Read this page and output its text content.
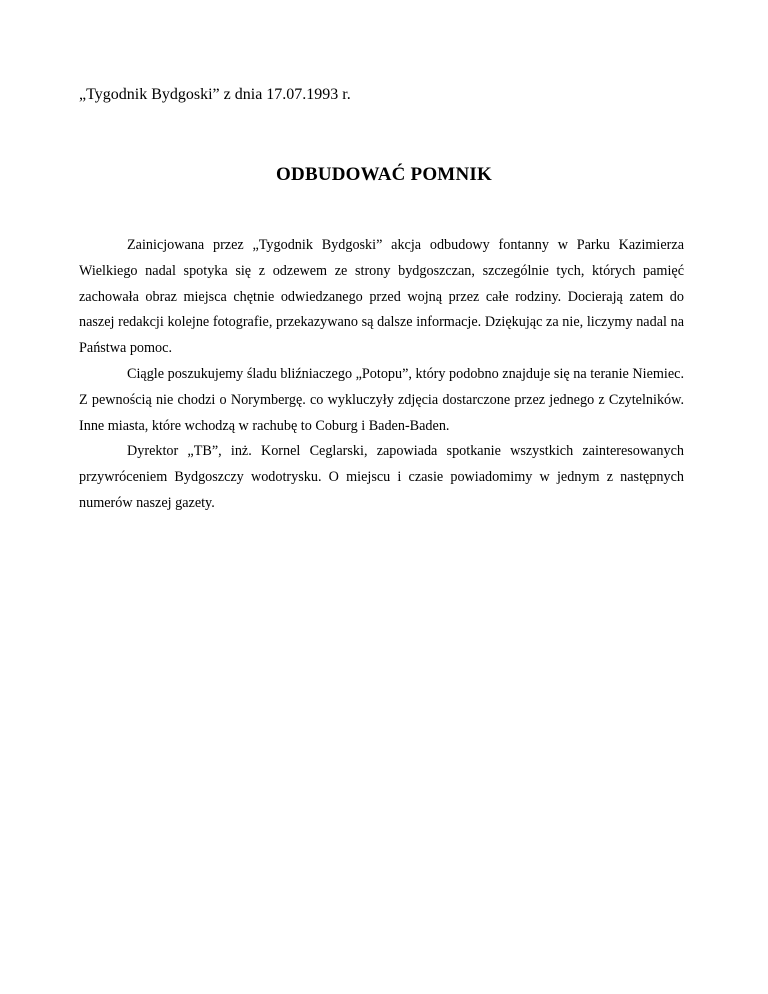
„Tygodnik Bydgoski” z dnia 17.07.1993 r.
ODBUDOWAĆ POMNIK

Zainicjowana przez „Tygodnik Bydgoski” akcja odbudowy fontanny w Parku Kazimierza Wielkiego nadal spotyka się z odzewem ze strony bydgoszczan, szczególnie tych, których pamięć zachowała obraz miejsca chętnie odwiedzanego przed wojną przez całe rodziny. Docierają zatem do naszej redakcji kolejne fotografie, przekazywano są dalsze informacje. Dziękując za nie, liczymy nadal na Państwa pomoc.

Ciągle poszukujemy śladu bliźniaczego „Potopu”, który podobno znajduje się na teranie Niemiec. Z pewnością nie chodzi o Norymbergę. co wykluczyły zdjęcia dostarczone przez jednego z Czytelników. Inne miasta, które wchodzą w rachubę to Coburg i Baden-Baden.

Dyrektor „TB”, inż. Kornel Ceglarski, zapowiada spotkanie wszystkich zainteresowanych przywróceniem Bydgoszczy wodotrysku. O miejscu i czasie powiadomimy w jednym z następnych numerów naszej gazety.
